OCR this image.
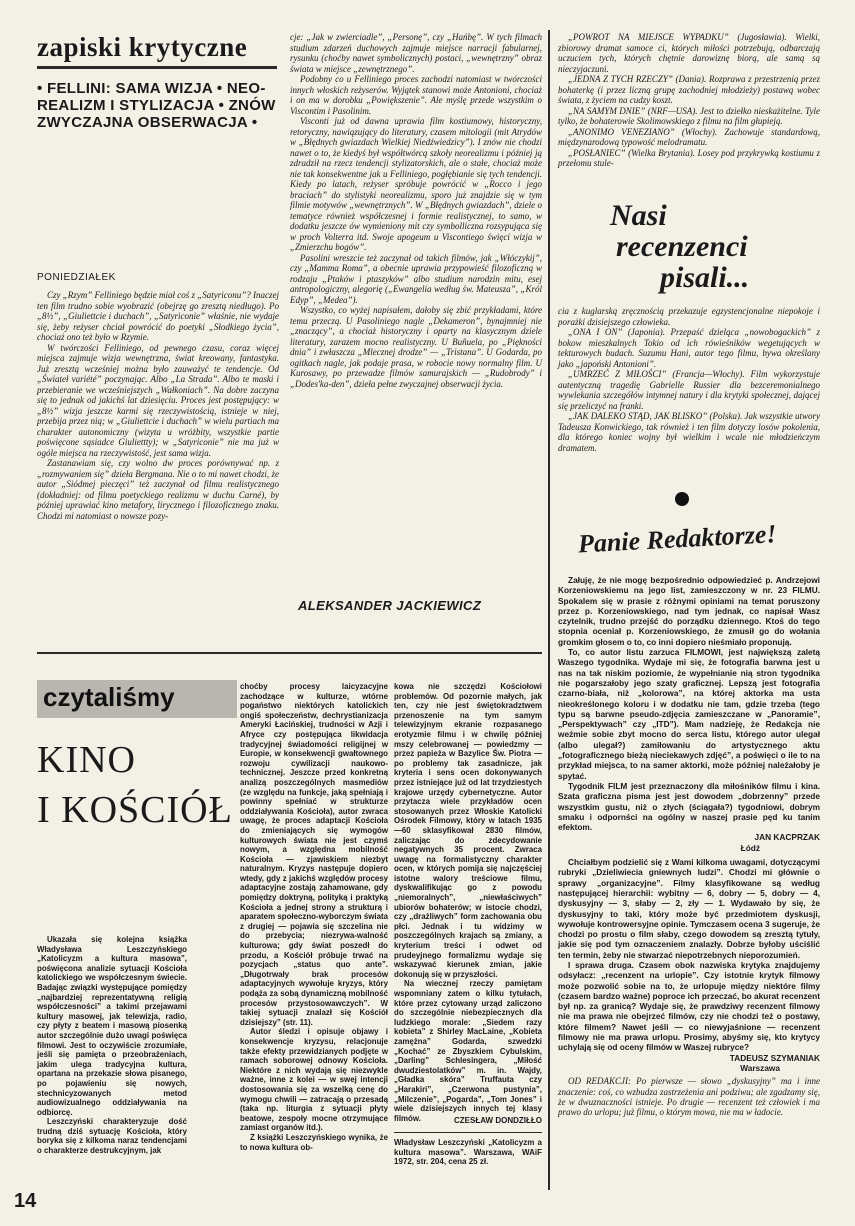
zapiski krytyczne
• FELLINI: SAMA WIZJA • NEO-REALIZM I STYLIZACJA • ZNÓW ZWYCZAJNA OBSERWACJA •
PONIEDZIAŁEK

Czy „Rzym” Felliniego będzie miał coś z „Satyriconu”? Inaczej ten film trudno sobie wyobrazić (obejrzę go zresztą niedługo). Po „8½”, „Giuliettcie i duchach”, „Satyriconie” właśnie, nie wydaje się, żeby reżyser chciał powrócić do poetyki „Słodkiego życia”, chociaż ono też było w Rzymie.

W twórczości Felliniego, od pewnego czasu, coraz więcej miejsca zajmuje wizja wewnętrzna, świat kreowany, fantastyka. Już zresztą wcześniej można było zauważyć te tendencje. Od „Świateł variété” poczynając. Albo „La Strada”. Albo te maski i przebieranie we wcześniejszych „Wałkoniach”. Na dobre zaczyna się to jednak od jakichś lat dziesięciu. Proces jest postępujący: w „8½” wizja jeszcze karmi się rzeczywistością, istnieje w niej, przebija przez nią; w „Giuliettcie i duchach” w wielu partiach ma charakter autonomiczny (wizyta u wróżbity, wszystkie partie poświęcone sąsiadce Giuliettty); w „Satyriconie” nie ma już w ogóle miejsca na rzeczywistość, jest sama wizja.

Zastanawiam się, czy wolno dw proces porównywać np. z „rozmywaniem się” dzieła Bergmana. Nie o to mi nawet chodzi, że autor „Siódmej pieczęci” też zaczynał od filmu realistycznego (dokładniej: od filmu poetyckiego realizmu w duchu Carné), by później uprawiać kino metafory, lirycznego i filozoficznego znaku. Chodzi mi natomiast o nowsze pozy-

cje: „Jak w zwierciadle”, „Personę”, czy „Hańbę”. W tych filmach studium zdarzeń duchowych zajmuje miejsce narracji fabularnej, rysunku (choćby nawet symbolicznych) postaci, „wewnętrzny” obraz świata w miejsce „zewnętrznego”.

Podobny co u Felliniego proces zachodzi natomiast w twórczości innych włoskich reżyserów. Wyjątek stanowi może Antonioni, chociaż i on ma w dorobku „Powiększenie”. Ale myślę przede wszystkim o Viscontim i Pasolinim.

Visconti już od dawna uprawia film kostiumowy, historyczny, retoryczny, nawiązujący do literatury, czasem mitologii (mit Atrydów w „Błędnych gwiazdach Wielkiej Niedźwiedzicy”). I znów nie chodzi nawet o to, że kiedyś był współtwórcą szkoły neorealizmu i później ją zdradził na rzecz tendencji stylizatorskich, ale o stałe, chociaż może nie tak konsekwentne jak u Felliniego, pogłębianie się tych tendencji. Kiedy po latach, reżyser spróbuje powrócić w „Rocco i jego braciach” do stylistyki neorealizmu, sporo już znajdzie się w tym filmie motywów „wewnętrznych”. W „Błędnych gwiazdach”, dziele o tematyce również współczesnej i formie realistycznej, to samo, w dodatku jeszcze ów wymieniony mit czy symbolliczna rozsypująca się w proch Volterra itd. Swoje apogeum u Viscontiego święci wizja w „Zmierzchu bogów”.

Pasolini wreszcie też zaczynał od takich filmów, jak „Włóczykij”, czy „Mamma Roma”, a obecnie uprawia przypowieść filozoficzną w rodzaju „Ptaków i ptaszyków” albo studium narodzin mitu, esej antropologiczny, alegorię („Ewangelia według św. Mateusza”, „Król Edyp”, „Medea”).

Wszystko, co wyżej napisałem, dałoby się zbić przykładami, które temu przeczą. U Pasoliniego nagle „Dekameron”, bynajmniej nie „znaczący”, a chociaż historyczny i oparty na klasycznym dziele literatury, zarazem mocno realistyczny. U Buñuela, po „Piękności dnia” i zwłaszcza „Mlecznej drodze” — „Tristana”. U Godarda, po ogitkach nagle, jak podaje prasa, w robocie nowy normalny film. U Kurosawy, po przewadze filmów samurajskich — „Rudobrody” i „Dodes'ka-den”, dzieła pełne zwyczajnej obserwacji życia.

ALEKSANDER JACKIEWICZ

„POWROT NA MIEJSCE WYPADKU” (Jugosławia). Wielki, zbiorowy dramat samoce ci, których miłości potrzebują, odbarczają uczuciem tych, których chętnie darowiznę biorą, ale samą są nieczyjaczuni.

„JEDNA Z TYCH RZECZY” (Dania). Rozprawa z przestrzenią przez bohaterkę (i przez liczną grupę zachodniej młodzieży) postawą wobec świata, z życiem na cudzy koszt.

„NA SAMYM DNIE” (NRF—USA). Jest to dziełko nieskażitelne. Tyle tylko, że bohaterowie Skolimowskiego z filmu na film głupieją.

„ANONIMO VENEZIANO” (Włochy). Zachowuje standardową, międzynarodową typowość melodramatu.

„POSŁANIEC” (Wielka Brytania). Losey pod przykrywką kostiumu z przełomu stule-

Nasi
recenzenci
pisali...

cia z kuglarską zręcznością przekazuje egzystencjonalne niepokoje i porażki dzisiejszego człowieka.

„ONA I ON” (Japonia). Przepaść dzieląca „nowobogackich” z bokow mieszkalnych Tokio od ich rówieśników wegetujących w tekturowych budach. Suzumu Hani, autor tego filmu, bywa określany jako „japoński Antonioni”.

„UMRZEĆ Z MIŁOŚCI” (Francja—Włochy). Film wykorzystuje autentyczną tragedię Gabrielle Russier dla bezceremonialnego wywlekania szczegółów intymnej natury i dla krytyki społecznej, dającej się przeliczyć na franki.

„JAK DALEKO STĄD, JAK BLISKO” (Polska). Jak wszystkie utwory Tadeusza Konwickiego, tak również i ten film dotyczy losów pokolenia, dla którego koniec wojny był wielkim i wcale nie młodzieńczym dramatem.

Panie Redaktorze!

Załuję, że nie mogę bezpośrednio odpowiedzieć p. Andrzejowi Korzeniowskiemu na jego list, zamieszczony w nr. 23 FILMU. Spokalem się w prasie z różnymi opiniami na temat poruszony przez p. Korzeniowskiego, nad tym jednak, co napisał Wasz czytelnik, trudno przejść do porządku dziennego. Ktoś do tego stopnia oceniał p. Korzeniowskiego, że zmusił go do wołania gromkim głosem o to, co inni dopiero nieśmiało proponują.

To, co autor listu zarzuca FILMOWI, jest największą zaletą Waszego tygodnika. Wydaje mi się, że fotografia barwna jest u nas na tak niskim poziomie, że wypełnianie nią stron tygodnika nie pogarszałoby jego szaty graficznej. Lepszą jest fotografia czarno-biała, niż „kolorowa”, na której aktorka ma usta nieokreślonego koloru i w dodatku nie tam, gdzie trzeba (tego typu są barwne pseudo-zdjęcia zamieszczane w „Panoramie”, „Perspektywach” czy „ITD”). Mam nadzieję, że Redakcja nie weźmie sobie zbyt mocno do serca listu, którego autor ulegał (albo ulegał?) zamiłowaniu do artystycznego aktu „fotograficznego bieżą nieciekawych zdjęć”, a poświęci o ile to na przykład miejsca, to na samer aktorki, może później należałoby je spytać.

Tygodnik FILM jest przeznaczony dla miłośników filmu i kina. Szata graficzna pisma jest jest dowodem „dobrzenny” przede wszystkim gustu, niż o złych (ściągała?) tygodniowi, dobrym smaku i odpornści na ogólny w naszej prasie pęd ku tanim efektom.

JAN KACPRZAK
Łódź

Chciałbym podzielić się z Wami kilkoma uwagami, dotyczącymi rubryki „Dzieliwiecia gniewnych ludzi”. Chodzi mi głównie o sprawy „organizacyjne”. Filmy klasyfikowane są według następującej hierarchii: wybitny — 6, dobry — 5, dobry — 4, dyskusyjny — 3, słaby — 2, zły — 1. Wydawało by się, że dyskusyjny to taki, który może być przedmiotem dyskusji, wywołuje kontrowersyjne opinie. Tymczasem ocena 3 sugeruje, że chodzi po prostu o film słaby, czego dowodem są zresztą tytuły, jakie się pod tym oznaczeniem znalazły. Dobrze byłoby uściślić ten termin, żeby nie stwarzać niepotrzebnych nieporozumień.

I sprawa druga. Czasem obok nazwiska krytyka znajdujemy odsyłacz: „recenzent na urlopie”. Czy istotnie krytyk filmowy może pozwolić sobie na to, że urlopuje między niektóre filmy (czasem bardzo ważne) poproce ich przeczać, bo akurat recenzent był np. za granicą? Wydaje się, że prawdziwy recenzent filmowy nie ma prawa nie obejrzeć filmów, czy nie chodzi też o postawy, które filmem? Nawet jeśli — co niewyjaśnione — recenzent filmowy nie ma prawa urlopu. Prosimy, abyśmy się, kto krytycy uchylają się od oceny filmów w Waszej rubryce?

TADEUSZ SZYMANIAK
Warszawa

OD REDAKCJI: Po pierwsze — słowo „dyskusyjny” ma i inne znaczenie: coś, co wzbudza zastrzeżenia ani podziwu; ale zgadzamy się, że w dwuznaczności istnieje. Po drugie — recenzent też człowiek i ma prawo do urlopu; już filmu, o którym mowa, nie ma w ładocie.

czytaliśmy
KINO
I KOŚCIÓŁ

Ukazała się kolejna książka Władysława Leszczyńskiego „Katolicyzm a kultura masowa”, poświęcona analizie sytuacji Kościoła katolickiego we współczesnym świecie. Badając związki występujące pomiędzy „najbardziej reprezentatywną religią współczesności” a takimi przejawami kultury masowej, jak telewizja, radio, czy płyty z beatem i masową piosenką autor szczególnie dużo uwagi poświęca filmowi. Jest to oczywiście zrozumiałe, jeśli się pamięta o przeobrażeniach, jakim ulega tradycyjna kultura, opartana na przekazie słowa pisanego, po pojawieniu się nowych, stechnicyzowanych metod audiowizualnego oddziaływania na odbiorcę.

Leszczyński charakteryzuje dość trudną dziś sytuację Kościoła, który boryka się z kilkoma naraz tendencjami o charakterze destrukcyjnym, jak

choćby procesy laicyzacyjne zachodzące w kulturze, wtórne pogaństwo niektórych katolickich ongiś społeczeństw, dechrystianizacja Ameryki Łacińskiej, trudności w Azji i Afryce czy postępująca likwidacja tradycyjnej świadomości religijnej w Europie, w konsekwencji gwałtownego rozwoju cywilizacji naukowo-technicznej. Jeszcze przed konkretną analizą poszczególnych masmediów (ze względu na funkcje, jaką spełniają i powinny spełniać w strukturze oddziaływania Kościoła), autor zwraca uwagę, że proces adaptacji Kościoła do zmieniających się wymogów kulturowych świata nie jest czymś nowym, a względna mobilność Kościoła — zjawiskiem niezbyt naturalnym. Kryzys następuje dopiero wtedy, gdy z jakichś względów procesy adaptacyjne zostają zahamowane, gdy pomiędzy doktryną, polityką i praktyką Kościoła a jednej strony a strukturą i aparatem społeczno-wyborczym świata z drugiej — pojawia się szczelina nie do przebycia; niezrywa-walność kulturowa; gdy świat poszedł do przodu, a Kościół próbuje trwać na pozycjach „status quo ante”. „Długotrwały brak procesów adaptacyjnych wywołuje kryzys, który podąża za sobą dynamiczną mobilność procesów przystosowawczych”. W takiej sytuacji znalazł się Kościół dzisiejszy” (str. 11).

Autor śledzi i opisuje objawy i konsekwencje kryzysu, relacjonuje także efekty przewidzianych podjęte w ramach soborowej odnowy Kościoła. Niektóre z nich wydają się niezwykle ważne, inne z kolei — w swej intencji dostosowania się za wszelką cenę do wymogu chwili — zatracają o przesadą (taka np. liturgia z sytuacji płyty beatowe, zespoły mocne otrzymujące zamiast organów itd.).

Z książki Leszczyńskiego wynika, że to nowa kultura ob-

kowa nie szczędzi Kościołowi problemów. Od pozornie małych, jak ten, czy nie jest świętokradztwem przenoszenie na tym samym telewizyjnym ekranie rozpasanego erotyzmie filmu i w chwilę później mszy celebrowanej — powiedzmy — przez papieża w Bazylice Św. Piotra — po problemy tak zasadnicze, jak kryteria i sens ocen dokonywanych przez istniejące już od lat trzydziestych krajowe urzędy cybernetyczne. Autor przytacza wiele przykładów ocen stosowanych przez Włoskie Katolicki Ośrodek Filmowy, który w latach 1935—60 sklasyfikował 2830 filmów, zaliczając do zdecydowanie negatywnych 35 procent. Zwraca uwagę na formalistyczny charakter ocen, w których pomija się najczęściej istotne walory treściowe filmu, dyskwalifikując go z powodu „niemoralnych”, „niewłaściwych” ubiorów bohaterów; w istocie chodzi, czy „drażliwych” form zachowania obu płci. Jednak i tu widzimy w poszczególnych krajach są zmiany, a kryterium treści i odwet od prudeyjnego formalizmu wydaje się wskazywać kierunek zmian, jakie dokonują się w przyszłości.

Na wiecznej rzeczy pamiętam wspomniany zatem o kilku tytułach, które przez cytowany urząd zaliczono do szczególnie niebezpiecznych dla ludzkiego morale: „Siedem razy kobieta” z Shirley MacLaine, „Kobieta zamężna” Godarda, szwedzki „Kochać” ze Zbyszkiem Cybulskim, „Darling” Schlesingera, „Miłość dwudziestolatków” m. in. Wajdy, „Gładka skóra” Truffauta czy „Harakiri”, „Czerwona pustynia”, „Milczenie”, „Pogarda”, „Tom Jones” i wiele dzisiejszych innych tej klasy filmów.	CZESŁAW DONDZIŁŁO
Władysław Leszczyński „Katolicyzm a kultura masowa”. Warszawa, WAiF 1972, str. 204, cena 25 zł.
14
